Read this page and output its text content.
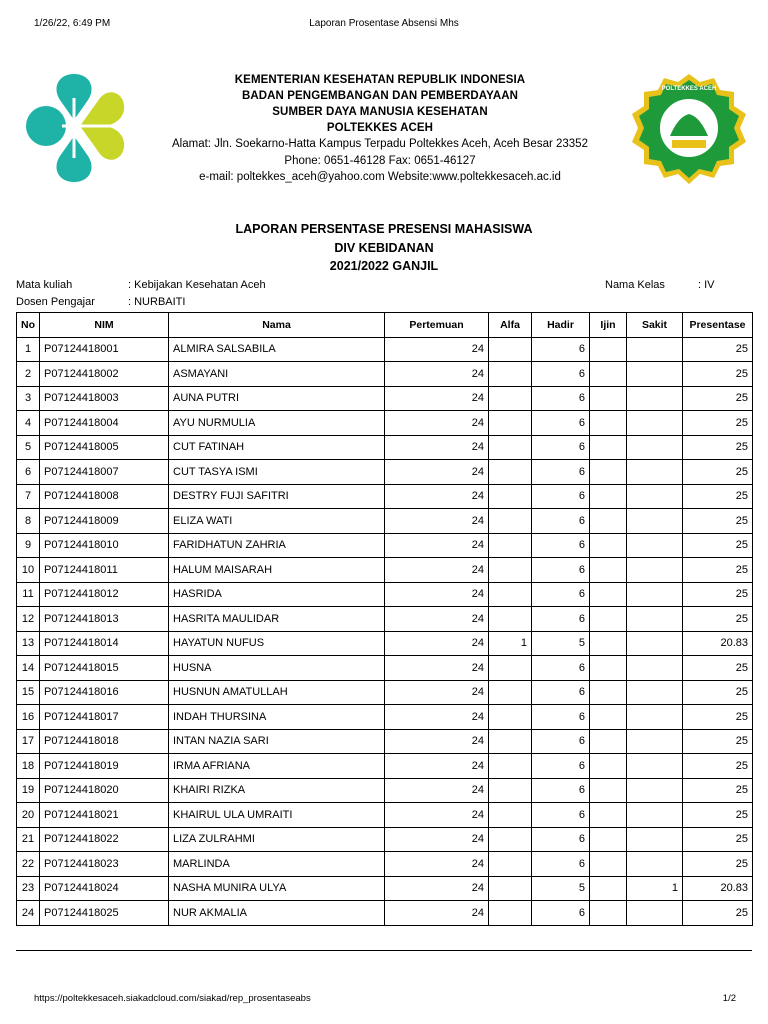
1/26/22, 6:49 PM	Laporan Prosentase Absensi Mhs
KEMENTERIAN KESEHATAN REPUBLIK INDONESIA
BADAN PENGEMBANGAN DAN PEMBERDAYAAN
SUMBER DAYA MANUSIA KESEHATAN
POLTEKKES ACEH
Alamat: Jln. Soekarno-Hatta Kampus Terpadu Poltekkes Aceh, Aceh Besar 23352
Phone: 0651-46128 Fax: 0651-46127
e-mail: poltekkes_aceh@yahoo.com Website:www.poltekkesaceh.ac.id
POLTEKKES ACEH
LAPORAN PERSENTASE PRESENSI MAHASISWA
DIV KEBIDANAN
2021/2022 GANJIL
Mata kuliah	: Kebijakan Kesehatan Aceh
Dosen Pengajar	: NURBAITI
Nama Kelas	: IV
No	NIM	Nama	Pertemuan	Alfa	Hadir	Ijin	Sakit	Presentase
1	P07124418001	ALMIRA SALSABILA	24		6			25
2	P07124418002	ASMAYANI	24		6			25
3	P07124418003	AUNA PUTRI	24		6			25
4	P07124418004	AYU NURMULIA	24		6			25
5	P07124418005	CUT FATINAH	24		6			25
6	P07124418007	CUT TASYA ISMI	24		6			25
7	P07124418008	DESTRY FUJI SAFITRI	24		6			25
8	P07124418009	ELIZA WATI	24		6			25
9	P07124418010	FARIDHATUN ZAHRIA	24		6			25
10	P07124418011	HALUM MAISARAH	24		6			25
11	P07124418012	HASRIDA	24		6			25
12	P07124418013	HASRITA MAULIDAR	24		6			25
13	P07124418014	HAYATUN NUFUS	24	1	5			20.83
14	P07124418015	HUSNA	24		6			25
15	P07124418016	HUSNUN AMATULLAH	24		6			25
16	P07124418017	INDAH THURSINA	24		6			25
17	P07124418018	INTAN NAZIA SARI	24		6			25
18	P07124418019	IRMA AFRIANA	24		6			25
19	P07124418020	KHAIRI RIZKA	24		6			25
20	P07124418021	KHAIRUL ULA UMRAITI	24		6			25
21	P07124418022	LIZA ZULRAHMI	24		6			25
22	P07124418023	MARLINDA	24		6			25
23	P07124418024	NASHA MUNIRA ULYA	24		5		1	20.83
24	P07124418025	NUR AKMALIA	24		6			25
https://poltekkesaceh.siakadcloud.com/siakad/rep_prosentaseabs	1/2
